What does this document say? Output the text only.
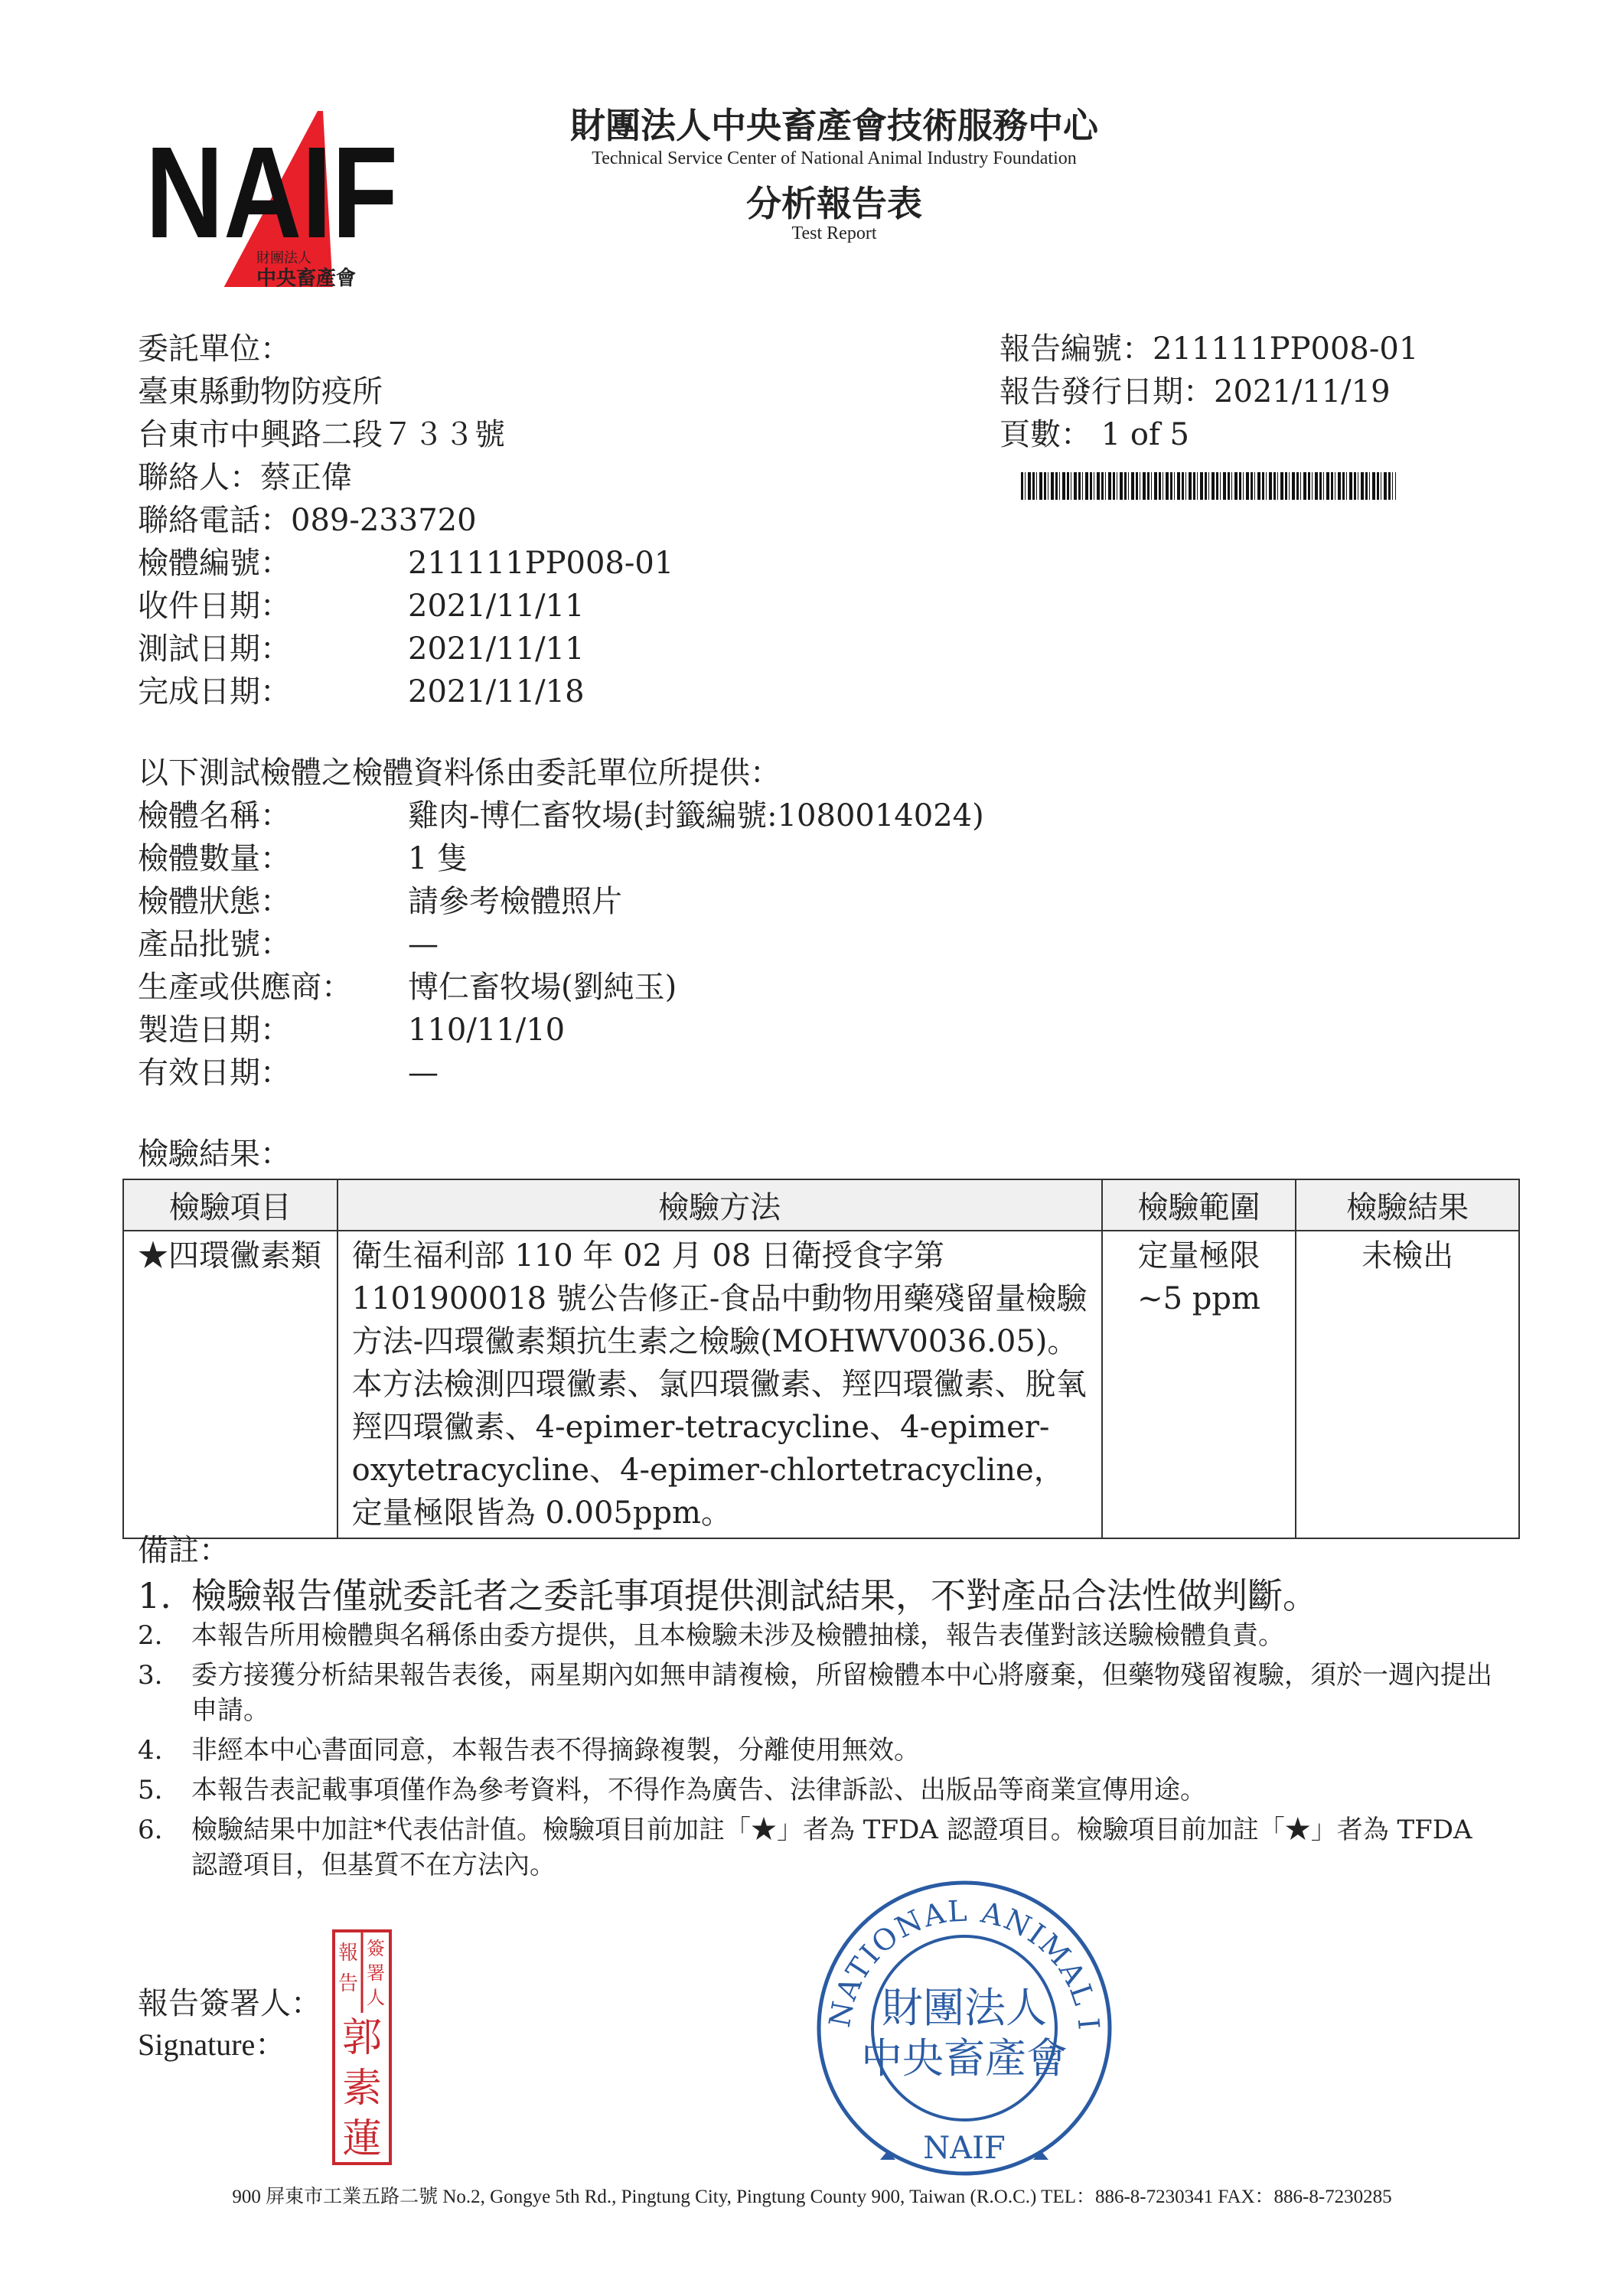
NAIF
財團法人
中央畜產會
財團法人中央畜產會技術服務中心
Technical Service Center of National Animal Industry Foundation
分析報告表
Test Report
委託單位：
臺東縣動物防疫所
台東市中興路二段７３３號
聯絡人：蔡正偉
聯絡電話：089-233720
檢體編號：	211111PP008-01
收件日期：	2021/11/11
測試日期：	2021/11/11
完成日期：	2021/11/18
報告編號：211111PP008-01
報告發行日期：2021/11/19
頁數： 1 of 5
以下測試檢體之檢體資料係由委託單位所提供：
檢體名稱：	雞肉-博仁畜牧場(封籤編號:1080014024)
檢體數量：	1 隻
檢體狀態：	請參考檢體照片
產品批號：	—
生產或供應商： 博仁畜牧場(劉純玉)
製造日期：	110/11/10
有效日期：	—
檢驗結果：
檢驗項目	檢驗方法	檢驗範圍	檢驗結果
★四環黴素類	衛生福利部 110 年 02 月 08 日衛授食字第 1101900018 號公告修正-食品中動物用藥殘留量檢驗方法-四環黴素類抗生素之檢驗(MOHWV0036.05)。本方法檢測四環黴素、氯四環黴素、羥四環黴素、脫氧羥四環黴素、4-epimer-tetracycline、4-epimer-oxytetracycline、4-epimer-chlortetracycline，定量極限皆為 0.005ppm。	定量極限 ~5 ppm	未檢出
備註：
1. 檢驗報告僅就委託者之委託事項提供測試結果，不對產品合法性做判斷。
2.	本報告所用檢體與名稱係由委方提供，且本檢驗未涉及檢體抽樣，報告表僅對該送驗檢體負責。
3.	委方接獲分析結果報告表後，兩星期內如無申請複檢，所留檢體本中心將廢棄，但藥物殘留複驗，須於一週內提出申請。
4.	非經本中心書面同意，本報告表不得摘錄複製，分離使用無效。
5.	本報告表記載事項僅作為參考資料，不得作為廣告、法律訴訟、出版品等商業宣傳用途。
6.	檢驗結果中加註*代表估計值。檢驗項目前加註「★」者為 TFDA 認證項目。檢驗項目前加註「★」者為 TFDA 認證項目，但基質不在方法內。
報告簽署人：
Signature：
報
告
簽
署
人
郭
素
蓮
NATIONAL ANIMAL I
財團法人
中央畜產會
NAIF
900 屏東市工業五路二號 No.2, Gongye 5th Rd., Pingtung City, Pingtung County 900, Taiwan (R.O.C.) TEL：886-8-7230341 FAX：886-8-7230285
